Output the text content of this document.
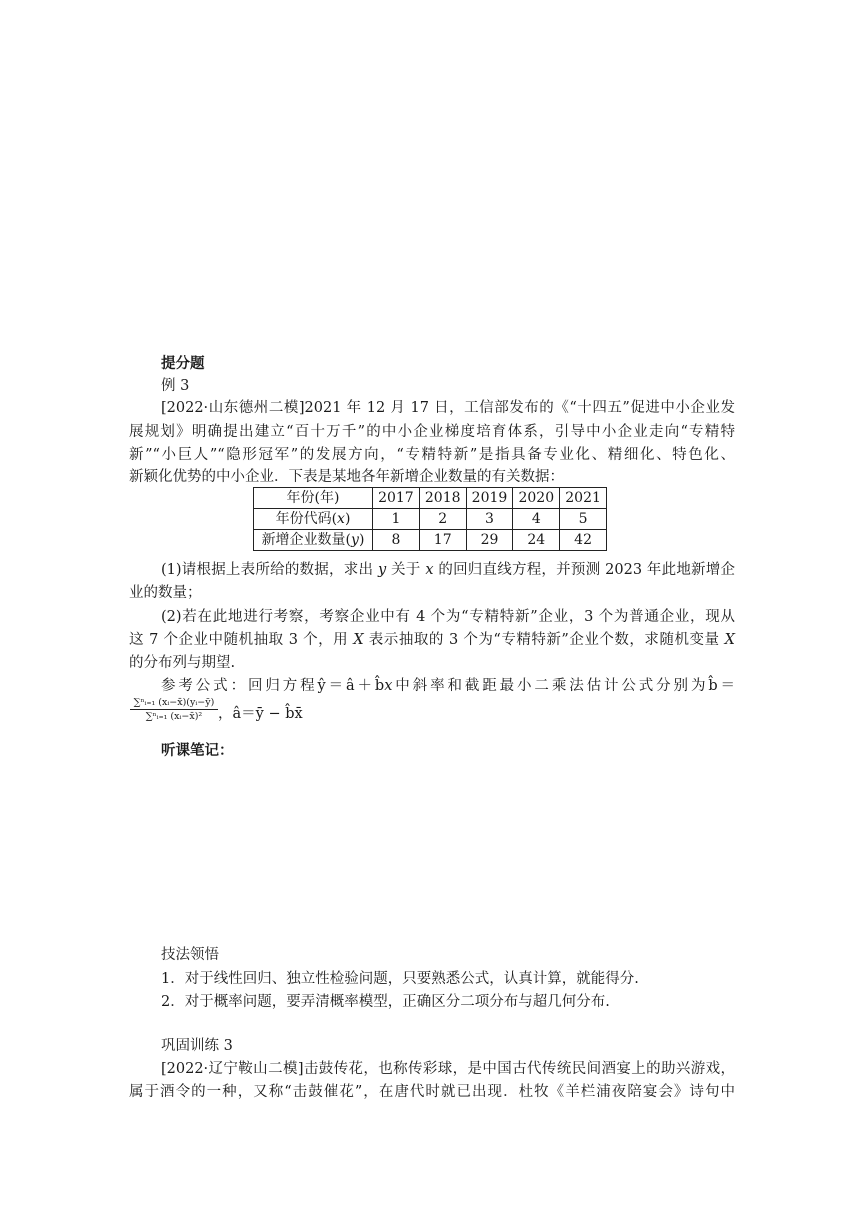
提分题
例 3
[2022·山东德州二模]2021 年 12 月 17 日，工信部发布的《“十四五”促进中小企业发
展规划》明确提出建立“百十万千”的中小企业梯度培育体系，引导中小企业走向“专精特
新”“小巨人”“隐形冠军”的发展方向，“专精特新”是指具备专业化、精细化、特色化、
新颖化优势的中小企业．下表是某地各年新增企业数量的有关数据：
年份(年)	2017	2018	2019	2020	2021
年份代码(x)	1	2	3	4	5
新增企业数量(y)	8	17	29	24	42
(1)请根据上表所给的数据，求出 y 关于 x 的回归直线方程，并预测 2023 年此地新增企
业的数量；
(2)若在此地进行考察，考察企业中有 4 个为“专精特新”企业，3 个为普通企业，现从
这 7 个企业中随机抽取 3 个，用 X 表示抽取的 3 个为“专精特新”企业个数，求随机变量 X
的分布列与期望.
参考公式：回归方程ŷ＝â＋b̂x中斜率和截距最小二乘法估计公式分别为b̂＝
$\frac{\text{∑ⁿᵢ₌₁ (xᵢ−x̄)(yᵢ−ȳ)}}{\text{∑ⁿᵢ₌₁ (xᵢ−x̄)²}}$ ，â＝ȳ − b̂x̄
听课笔记：
技法领悟
1．对于线性回归、独立性检验问题，只要熟悉公式，认真计算，就能得分.
2．对于概率问题，要弄清概率模型，正确区分二项分布与超几何分布.
巩固训练 3
[2022·辽宁鞍山二模]击鼓传花，也称传彩球，是中国古代传统民间酒宴上的助兴游戏，
属于酒令的一种，又称“击鼓催花”，在唐代时就已出现．杜牧《羊栏浦夜陪宴会》诗句中
